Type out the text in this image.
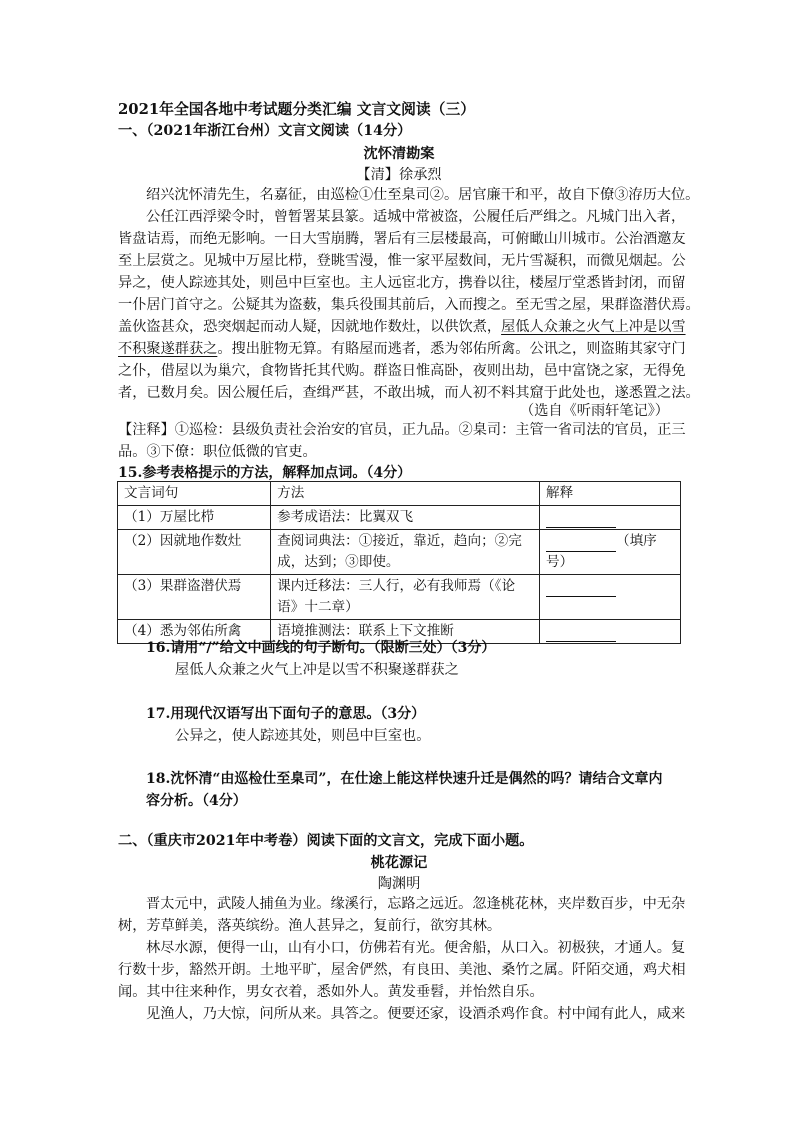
2021年全国各地中考试题分类汇编 文言文阅读（三）
一、（2021年浙江台州）文言文阅读（14分）
沈怀清勘案
【清】徐承烈
绍兴沈怀清先生，名嘉征，由巡检①仕至臬司②。居官廉干和平，故自下僚③洊历大位。
公任江西浮梁令时，曾暂署某县篆。适城中常被盗，公履任后严缉之。凡城门出入者，
皆盘诘焉，而绝无影响。一日大雪崩腾，署后有三层楼最高，可俯瞰山川城市。公治酒邀友
至上层赏之。见城中万屋比栉，登眺雪漫，惟一家平屋数间，无片雪凝积，而微见烟起。公
异之，使人踪迹其处，则邑中巨室也。主人远宦北方，携眷以往，楼屋厅堂悉皆封闭，而留
一仆居门首守之。公疑其为盗薮，集兵役围其前后，入而搜之。至无雪之屋，果群盗潜伏焉。
盖伙盗甚众，恐突烟起而动人疑，因就地作数灶，以供饮煮，屋低人众兼之火气上冲是以雪
不积聚遂群获之。搜出脏物无算。有賂屋而逃者，悉为邻佑所禽。公讯之，则盗賄其家守门
之仆，借屋以为巢穴，食物皆托其代购。群盗日惟高卧，夜则出劫，邑中富饶之家，无得免
者，已数月矣。因公履任后，查缉严甚，不敢出城，而人初不料其窟于此处也，遂悉置之法。
（选自《听雨轩笔记》）
【注释】①巡检：县级负责社会治安的官员，正九品。②臬司：主管一省司法的官员，正三
品。③下僚：职位低微的官吏。
15.参考表格提示的方法，解释加点词。（4分）
文言词句	方法	解释
（1）万屋比栉	参考成语法：比翼双飞	
（2）因就地作数灶	查阅词典法：①接近，靠近，趋向；②完成，达到；③即使。	（填序号）
（3）果群盗潜伏焉	课内迁移法：三人行，必有我师焉（《论语》十二章）	
（4）悉为邻佑所禽	语境推测法：联系上下文推断	
16.请用“/”给文中画线的句子断句。（限断三处）（3分）
屋低人众兼之火气上冲是以雪不积聚遂群获之
17.用现代汉语写出下面句子的意思。（3分）
公异之，使人踪迹其处，则邑中巨室也。
18.沈怀清“由巡检仕至臬司”，在仕途上能这样快速升迁是偶然的吗？请结合文章内
容分析。（4分）
二、（重庆市2021年中考卷）阅读下面的文言文，完成下面小题。
桃花源记
陶渊明
晋太元中，武陵人捕鱼为业。缘溪行，忘路之远近。忽逢桃花林，夹岸数百步，中无杂
树，芳草鲜美，落英缤纷。渔人甚异之，复前行，欲穷其林。
林尽水源，便得一山，山有小口，仿佛若有光。便舍船，从口入。初极狭，才通人。复
行数十步，豁然开朗。土地平旷，屋舍俨然，有良田、美池、桑竹之属。阡陌交通，鸡犬相
闻。其中往来种作，男女衣着，悉如外人。黄发垂髫，并怡然自乐。
见渔人，乃大惊，问所从来。具答之。便要还家，设酒杀鸡作食。村中闻有此人，咸来
